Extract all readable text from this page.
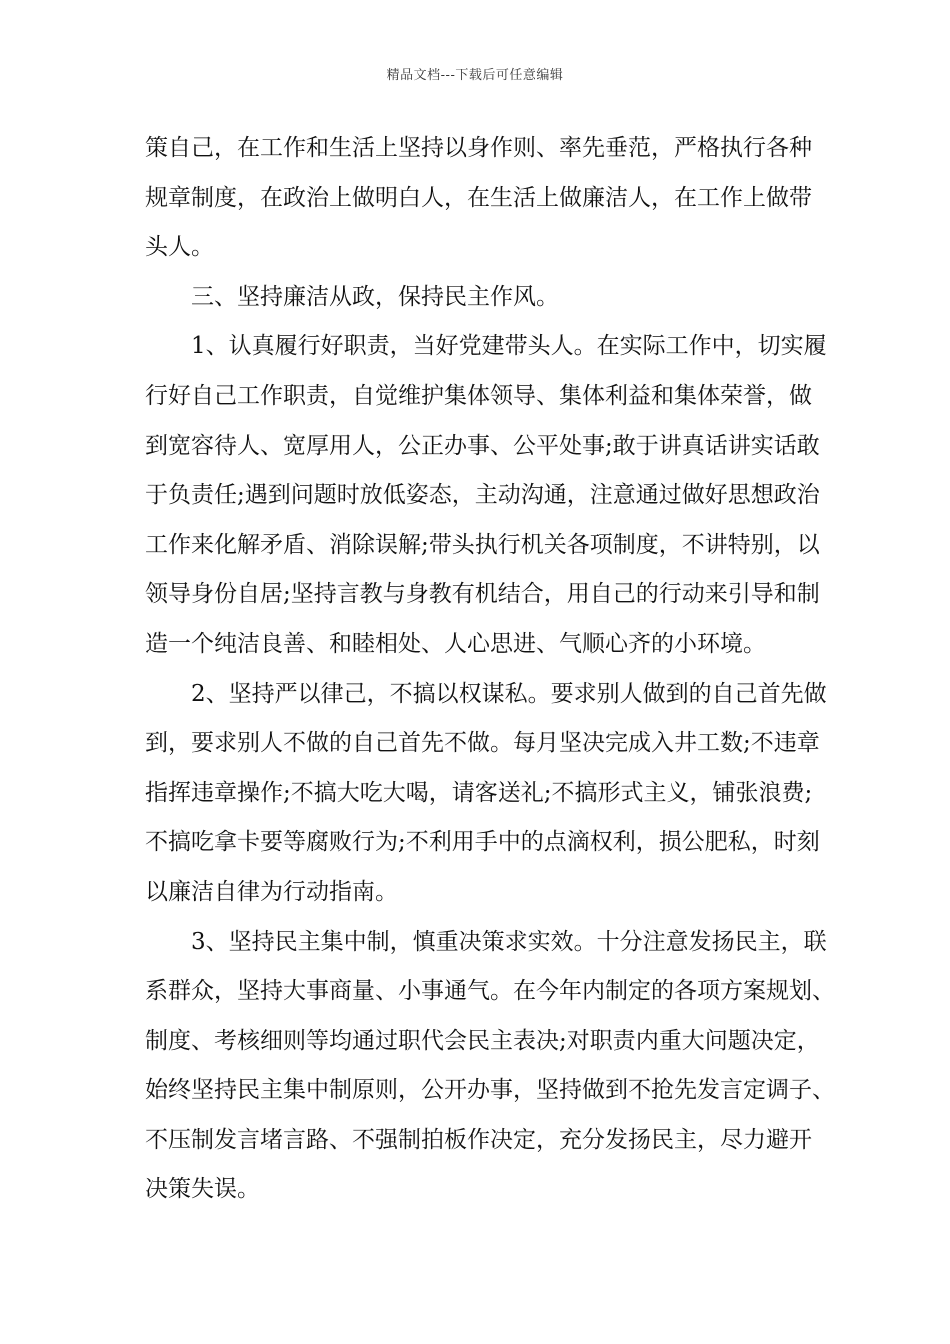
精品文档---下载后可任意编辑
策自己，在工作和生活上坚持以身作则、率先垂范，严格执行各种
规章制度，在政治上做明白人，在生活上做廉洁人，在工作上做带
头人。
三、坚持廉洁从政，保持民主作风。
1、认真履行好职责，当好党建带头人。在实际工作中，切实履
行好自己工作职责，自觉维护集体领导、集体利益和集体荣誉，做
到宽容待人、宽厚用人，公正办事、公平处事;敢于讲真话讲实话敢
于负责任;遇到问题时放低姿态，主动沟通，注意通过做好思想政治
工作来化解矛盾、消除误解;带头执行机关各项制度，不讲特别，以
领导身份自居;坚持言教与身教有机结合，用自己的行动来引导和制
造一个纯洁良善、和睦相处、人心思进、气顺心齐的小环境。
2、坚持严以律己，不搞以权谋私。要求别人做到的自己首先做
到，要求别人不做的自己首先不做。每月坚决完成入井工数;不违章
指挥违章操作;不搞大吃大喝，请客送礼;不搞形式主义，铺张浪费;
不搞吃拿卡要等腐败行为;不利用手中的点滴权利，损公肥私，时刻
以廉洁自律为行动指南。
3、坚持民主集中制，慎重决策求实效。十分注意发扬民主，联
系群众，坚持大事商量、小事通气。在今年内制定的各项方案规划、
制度、考核细则等均通过职代会民主表决;对职责内重大问题决定，
始终坚持民主集中制原则，公开办事，坚持做到不抢先发言定调子、
不压制发言堵言路、不强制拍板作决定，充分发扬民主，尽力避开
决策失误。
